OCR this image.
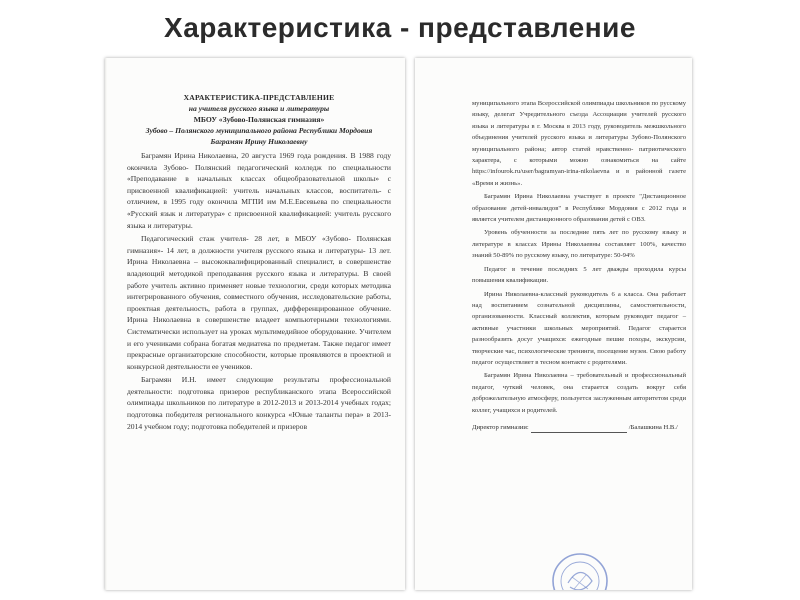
Характеристика - представление
ХАРАКТЕРИСТИКА-ПРЕДСТАВЛЕНИЕ
на учителя русского языка и литературы
МБОУ «Зубово-Полянская гимназия»
Зубово – Полянского муниципального района Республики Мордовия
Баграмян Ирину Николаевну

Баграмян Ирина Николаевна, 20 августа 1969 года рождения. В 1988 году окончила Зубово- Полянский педагогический колледж по специальности «Преподавание в начальных классах общеобразовательной школы» с присвоенной квалификацией: учитель начальных классов, воспитатель- с отличием, в 1995 году окончила МГПИ им М.Е.Евсевьева по специальности «Русский язык и литература» с присвоенной квалификацией: учитель русского языка и литературы.

Педагогический стаж учителя- 28 лет, в МБОУ «Зубово- Полянская гимназия»- 14 лет, в должности учителя русского языка и литературы- 13 лет. Ирина Николаевна – высококвалифицированный специалист, в совершенстве владеющий методикой преподавания русского языка и литературы. В своей работе учитель активно применяет новые технологии, среди которых методика интегрированного обучения, совместного обучения, исследовательские работы, проектная деятельность, работа в группах, дифференцированное обучение. Ирина Николаевна в совершенстве владеет компьютерными технологиями. Систематически использует на уроках мультимедийное оборудование. Учителем и его учениками собрана богатая медиатека по предметам. Также педагог имеет прекрасные организаторские способности, которые проявляются в проектной и конкурсной деятельности ее учеников.

Баграмян И.Н. имеет следующие результаты профессиональной деятельности: подготовка призеров республиканского этапа Всероссийской олимпиады школьников по литературе в 2012-2013 и 2013-2014 учебных годах; подготовка победителя регионального конкурса «Юные таланты пера» в 2013-2014 учебном году; подготовка победителей и призеров

муниципального этапа Всероссийской олимпиады школьников по русскому языку, делегат Учредительного съезда Ассоциации учителей русского языка и литературы в г. Москва в 2013 году, руководитель межшкольного объединения учителей русского языка и литературы Зубово-Полянского муниципального района; автор статей нравственно- патриотического характера, с которыми можно ознакомиться на сайте https://infourok.ru/user/bagramyan-irina-nikolaevna и в районной газете «Время и жизнь».

Баграмян Ирина Николаевна участвует в проекте "Дистанционное образование детей-инвалидов" в Республике Мордовия с 2012 года и является учителем дистанционного образования детей с ОВЗ.

Уровень обученности за последние пять лет по русскому языку и литературе в классах Ирины Николаевны составляет 100%, качество знаний 50-89% по русскому языку, по литературе: 50-94%

Педагог в течение последних 5 лет дважды проходила курсы повышения квалификации.

Ирина Николаевна-классный руководитель 6 а класса. Она работает над воспитанием сознательной дисциплины, самостоятельности, организованности. Классный коллектив, которым руководит педагог – активные участники школьных мероприятий. Педагог старается разнообразить досуг учащихся: ежегодные пешие походы, экскурсии, творческие час, психологические тренинги, посещение музея. Свою работу педагог осуществляет в тесном контакте с родителями.

Баграмян Ирина Николаевна – требовательный и профессиональный педагог, чуткий человек, она старается создать вокруг себя доброжелательную атмосферу, пользуется заслуженным авторитетом среди коллег, учащихся и родителей.

Директор гимназии:	/Балашкина Н.В./
